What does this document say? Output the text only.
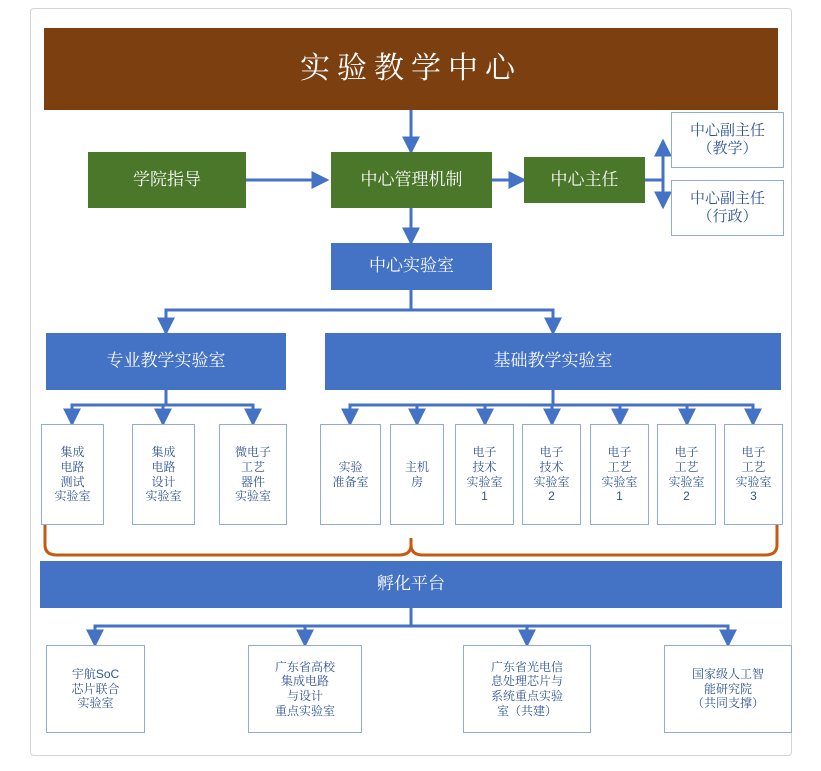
实验教学中心
学院指导	中心管理机制	中心主任
中心副主任
（教学）
中心副主任
（行政）
中心实验室
专业教学实验室	基础教学实验室
集成
电路
测试
实验室
集成
电路
设计
实验室
微电子
工艺
器件
实验室
实验
准备室
主机
房
电子
技术
实验室
1
电子
技术
实验室
2
电子
工艺
实验室
1
电子
工艺
实验室
2
电子
工艺
实验室
3
孵化平台
宇航SoC
芯片联合
实验室
广东省高校
集成电路
与设计
重点实验室
广东省光电信
息处理芯片与
系统重点实验
室（共建）
国家级人工智
能研究院
（共同支撑）
